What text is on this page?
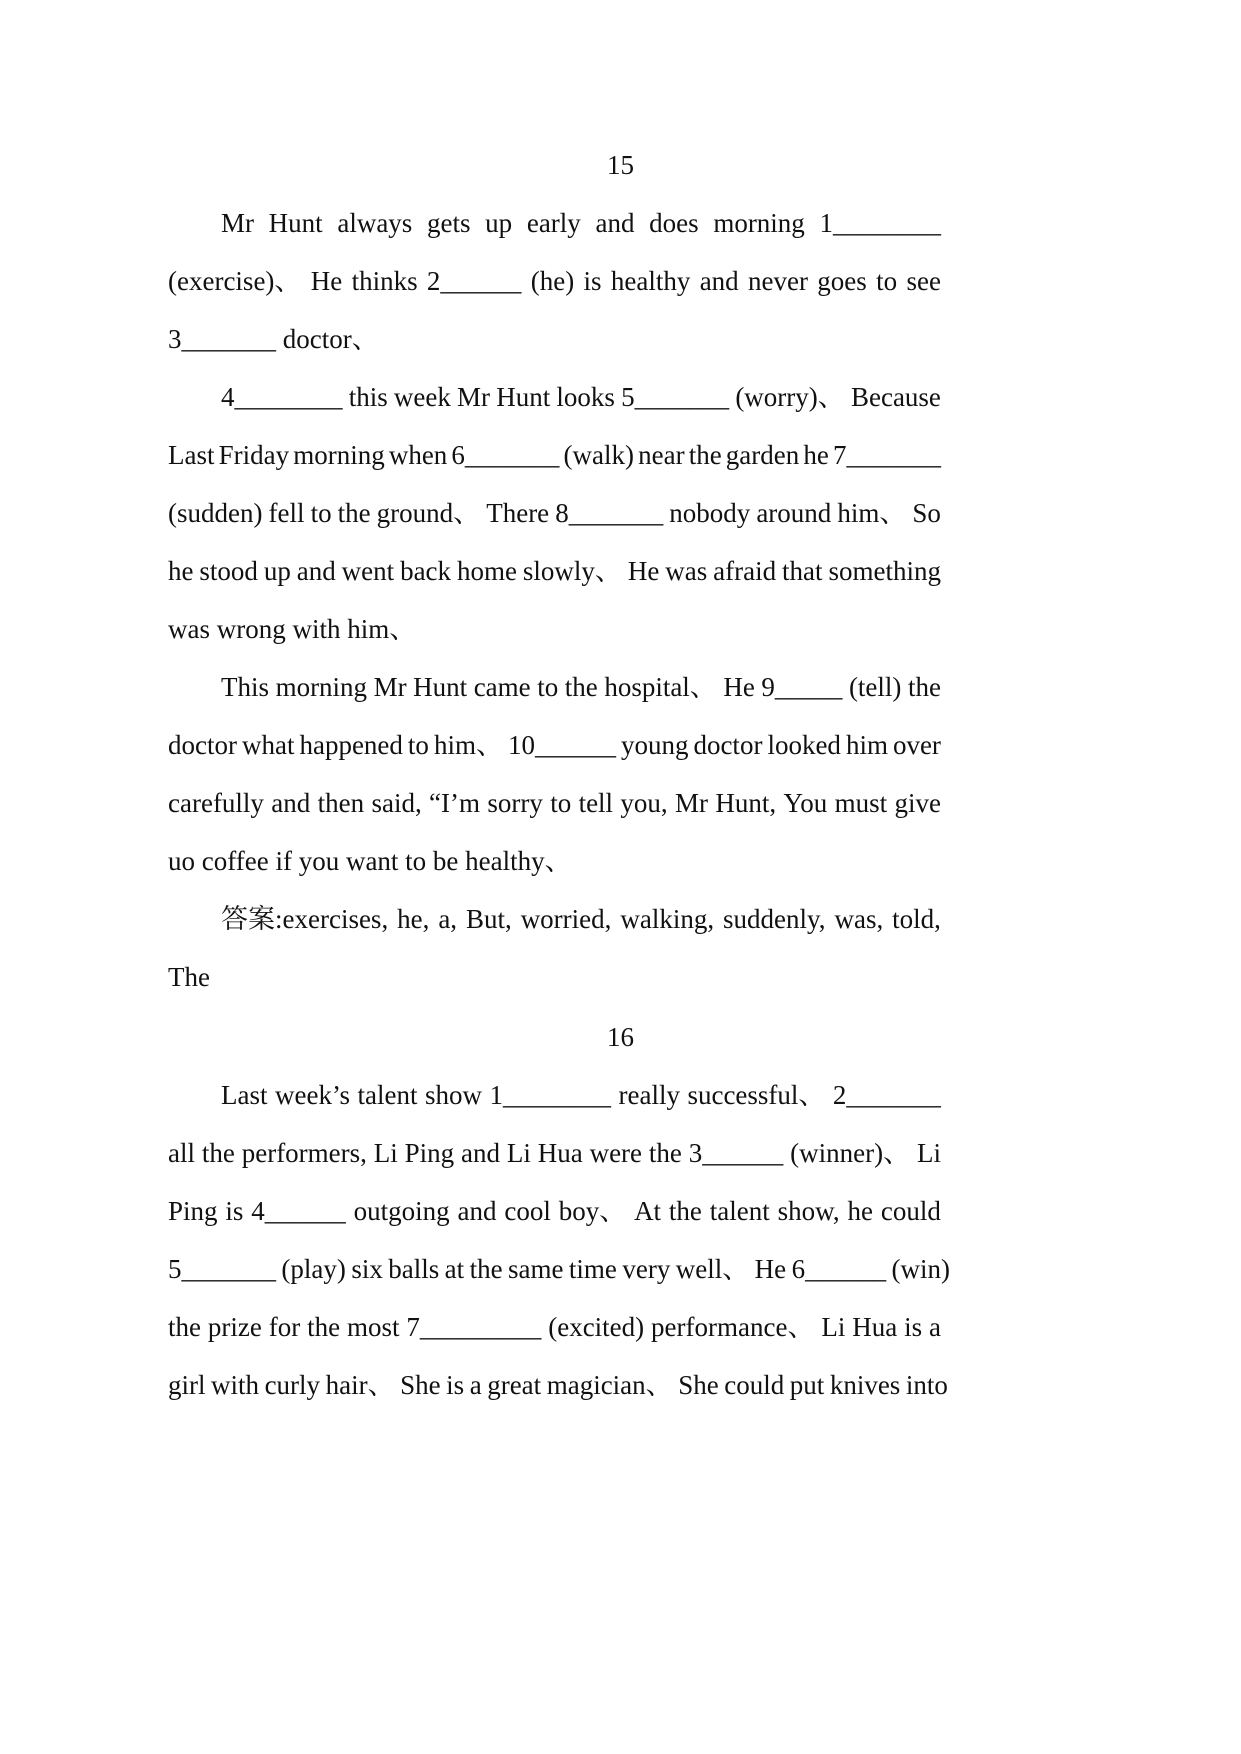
15
Mr Hunt always gets up early and does morning 1________
(exercise)、 He thinks 2______ (he) is healthy and never goes to see
3_______ doctor、
4________ this week Mr Hunt looks 5_______ (worry)、 Because
Last Friday morning when 6_______ (walk) near the garden he 7_______
(sudden) fell to the ground、 There 8_______ nobody around him、 So
he stood up and went back home slowly、 He was afraid that something
was wrong with him、
This morning Mr Hunt came to the hospital、 He 9_____ (tell) the
doctor what happened to him、 10______ young doctor looked him over
carefully and then said, “I’m sorry to tell you, Mr Hunt, You must give
uo coffee if you want to be healthy、
答案:exercises, he, a, But, worried, walking, suddenly, was, told,
The
16
Last week’s talent show 1________ really successful、 2_______
all the performers, Li Ping and Li Hua were the 3______ (winner)、 Li
Ping is 4______ outgoing and cool boy、 At the talent show, he could
5_______ (play) six balls at the same time very well、 He 6______ (win)
the prize for the most 7_________ (excited) performance、 Li Hua is a
girl with curly hair、 She is a great magician、 She could put knives into
